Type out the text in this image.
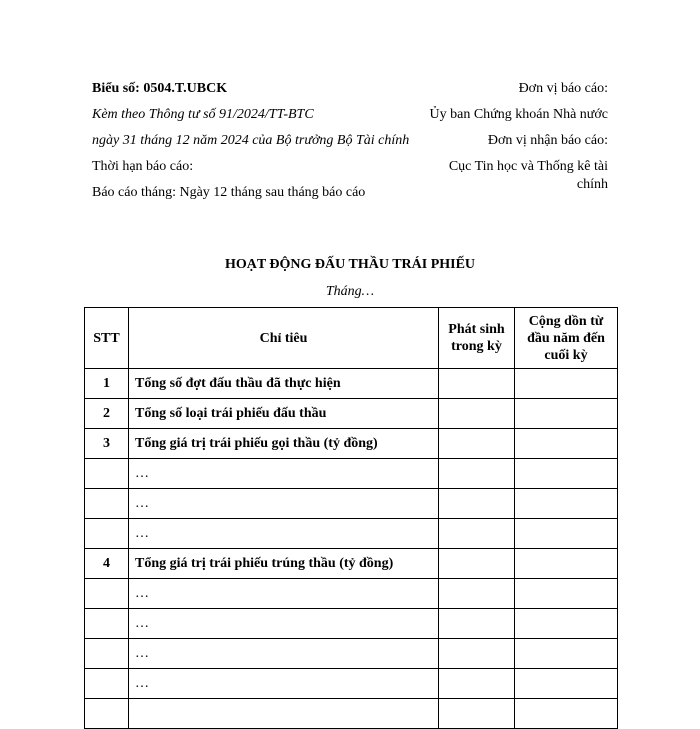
Biểu số: 0504.T.UBCK
Kèm theo Thông tư số 91/2024/TT-BTC
ngày 31 tháng 12 năm 2024 của Bộ trưởng Bộ Tài chính
Thời hạn báo cáo:
Báo cáo tháng: Ngày 12 tháng sau tháng báo cáo
Đơn vị báo cáo:
Ủy ban Chứng khoán Nhà nước
Đơn vị nhận báo cáo:
Cục Tin học và Thống kê tài chính
HOẠT ĐỘNG ĐẤU THẦU TRÁI PHIẾU
Tháng…
STT	Chỉ tiêu	Phát sinh trong kỳ	Cộng dồn từ đầu năm đến cuối kỳ
1	Tổng số đợt đấu thầu đã thực hiện		
2	Tổng số loại trái phiếu đấu thầu		
3	Tổng giá trị trái phiếu gọi thầu (tỷ đồng)		
	…		
	…		
	…		
4	Tổng giá trị trái phiếu trúng thầu (tỷ đồng)		
	…		
	…		
	…		
	…		
